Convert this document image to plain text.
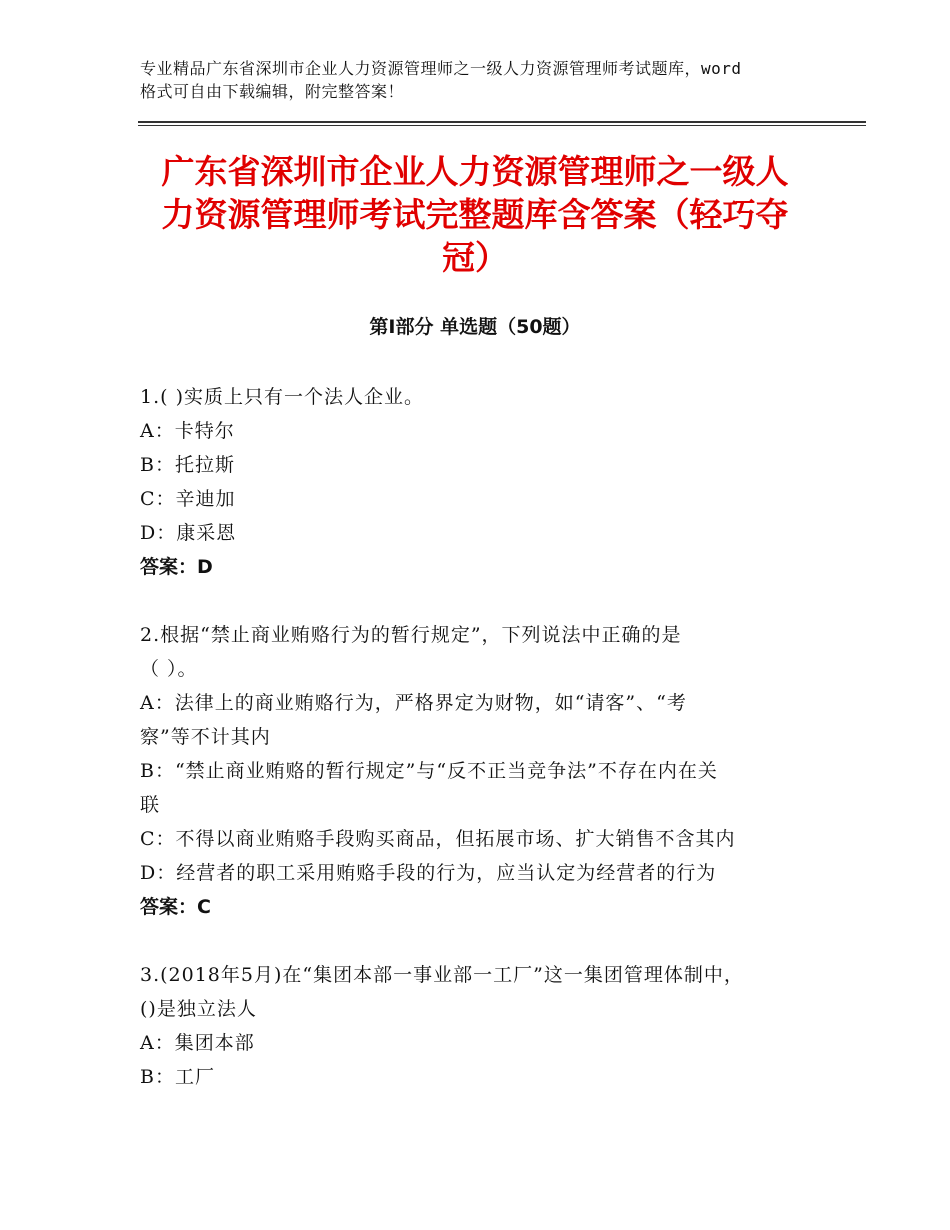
专业精品广东省深圳市企业人力资源管理师之一级人力资源管理师考试题库，word
格式可自由下载编辑，附完整答案！
广东省深圳市企业人力资源管理师之一级人
力资源管理师考试完整题库含答案（轻巧夺
冠）
第Ⅰ部分 单选题（50题）
1.( )实质上只有一个法人企业。
A：卡特尔
B：托拉斯
C：辛迪加
D：康采恩
答案：D
2.根据“禁止商业贿赂行为的暂行规定”，下列说法中正确的是
（ ）。
A：法律上的商业贿赂行为，严格界定为财物，如“请客”、“考
察”等不计其内
B：“禁止商业贿赂的暂行规定”与“反不正当竞争法”不存在内在关
联
C：不得以商业贿赂手段购买商品，但拓展市场、扩大销售不含其内
D：经营者的职工采用贿赂手段的行为，应当认定为经营者的行为
答案：C
3.(2018年5月)在“集团本部一事业部一工厂”这一集团管理体制中，
()是独立法人
A：集团本部
B：工厂
